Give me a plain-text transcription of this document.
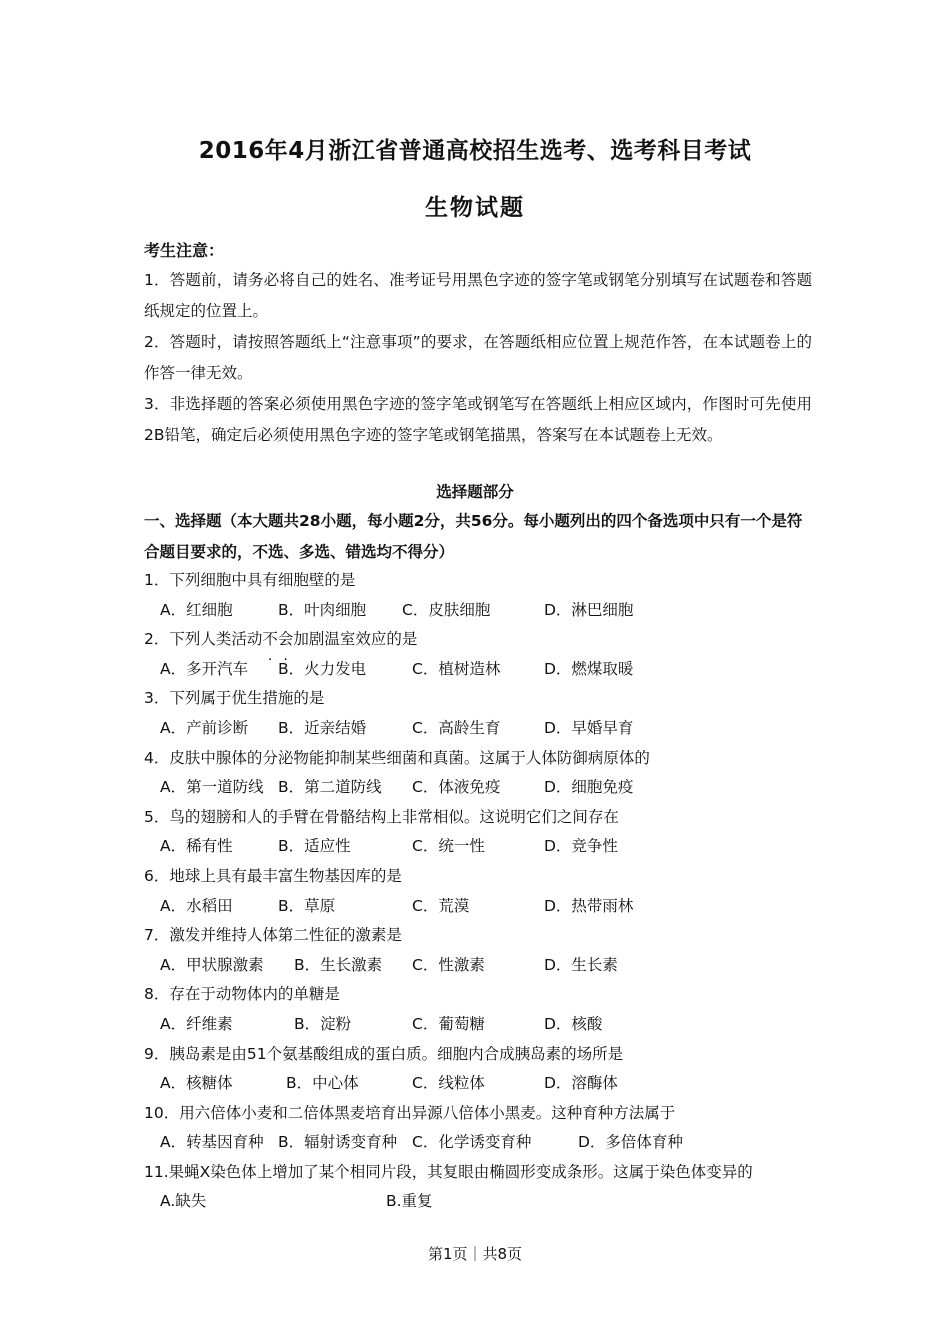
2016年4月浙江省普通高校招生选考、选考科目考试
生物试题
考生注意：

1．答题前，请务必将自己的姓名、准考证号用黑色字迹的签字笔或钢笔分别填写在试题卷和答题纸规定的位置上。

2．答题时，请按照答题纸上“注意事项”的要求，在答题纸相应位置上规范作答，在本试题卷上的作答一律无效。

3．非选择题的答案必须使用黑色字迹的签字笔或钢笔写在答题纸上相应区域内，作图时可先使用2B铅笔，确定后必须使用黑色字迹的签字笔或钢笔描黑，答案写在本试题卷上无效。

选择题部分
一、选择题（本大题共28小题，每小题2分，共56分。每小题列出的四个备选项中只有一个是符合题目要求的，不选、多选、错选均不得分）
1．下列细胞中具有细胞壁的是
A．红细胞	B．叶肉细胞 C．皮肤细胞	D．淋巴细胞
2．下列人类活动不会加剧温室效应的是
A．多开汽车 B．火力发电	C．植树造林	D．燃煤取暖
3．下列属于优生措施的是
A．产前诊断 B．近亲结婚	C．高龄生育	D．早婚早育
4．皮肤中腺体的分泌物能抑制某些细菌和真菌。这属于人体防御病原体的
A．第一道防线 B．第二道防线 C．体液免疫	D．细胞免疫
5．鸟的翅膀和人的手臂在骨骼结构上非常相似。这说明它们之间存在
A．稀有性	B．适应性	C．统一性	D．竞争性
6．地球上具有最丰富生物基因库的是
A．水稻田	B．草原	C．荒漠	D．热带雨林
7．激发并维持人体第二性征的激素是
A．甲状腺激素 B．生长激素 C．性激素	D．生长素
8．存在于动物体内的单糖是
A．纤维素	B．淀粉	C．葡萄糖	D．核酸
9．胰岛素是由51个氨基酸组成的蛋白质。细胞内合成胰岛素的场所是
A．核糖体	B．中心体	C．线粒体	D．溶酶体
10．用六倍体小麦和二倍体黑麦培育出异源八倍体小黑麦。这种育种方法属于
A．转基因育种 B．辐射诱变育种 C．化学诱变育种	D．多倍体育种
11.果蝇X染色体上增加了某个相同片段，其复眼由椭圆形变成条形。这属于染色体变异的
A.缺失	B.重复
第1页｜共8页
